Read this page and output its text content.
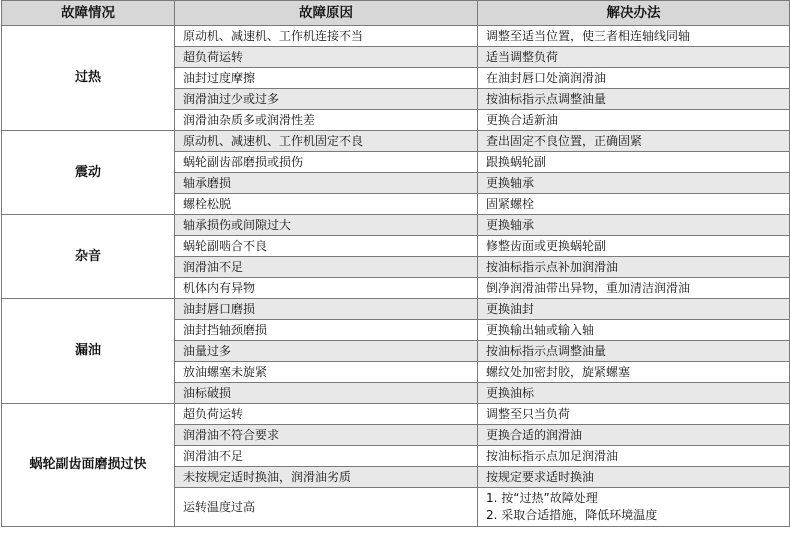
故障情况	故障原因	解决办法
过热	原动机、减速机、工作机连接不当	调整至适当位置，使三者相连轴线同轴
	超负荷运转	适当调整负荷
	油封过度摩擦	在油封唇口处滴润滑油
	润滑油过少或过多	按油标指示点调整油量
	润滑油杂质多或润滑性差	更换合适新油
震动	原动机、减速机、工作机固定不良	查出固定不良位置，正确固紧
	蜗轮副齿部磨损或损伤	跟换蜗轮副
	轴承磨损	更换轴承
	螺栓松脱	固紧螺栓
杂音	轴承损伤或间隙过大	更换轴承
	蜗轮副啮合不良	修整齿面或更换蜗轮副
	润滑油不足	按油标指示点补加润滑油
	机体内有异物	倒净润滑油带出异物，重加清洁润滑油
漏油	油封唇口磨损	更换油封
	油封挡轴颈磨损	更换输出轴或输入轴
	油量过多	按油标指示点调整油量
	放油螺塞未旋紧	螺纹处加密封胶，旋紧螺塞
	油标破损	更换油标
蜗轮副齿面磨损过快	超负荷运转	调整至只当负荷
	润滑油不符合要求	更换合适的润滑油
	润滑油不足	按油标指示点加足润滑油
	未按规定适时换油，润滑油劣质	按规定要求适时换油
	运转温度过高	1. 按“过热”故障处理
2. 采取合适措施，降低环境温度
